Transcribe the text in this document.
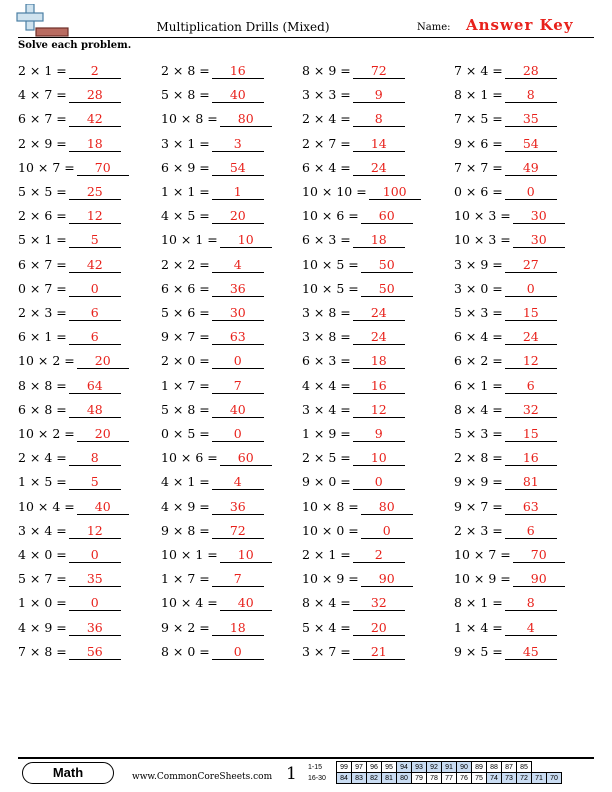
Multiplication Drills (Mixed)	Name: Answer Key
Solve each problem.
2 × 1 = 2	2 × 8 = 16	8 × 9 = 72	7 × 4 = 28
4 × 7 = 28	5 × 8 = 40	3 × 3 = 9	8 × 1 = 8
6 × 7 = 42	10 × 8 = 80	2 × 4 = 8	7 × 5 = 35
2 × 9 = 18	3 × 1 = 3	2 × 7 = 14	9 × 6 = 54
10 × 7 = 70	6 × 9 = 54	6 × 4 = 24	7 × 7 = 49
5 × 5 = 25	1 × 1 = 1	10 × 10 = 100	0 × 6 = 0
2 × 6 = 12	4 × 5 = 20	10 × 6 = 60	10 × 3 = 30
5 × 1 = 5	10 × 1 = 10	6 × 3 = 18	10 × 3 = 30
6 × 7 = 42	2 × 2 = 4	10 × 5 = 50	3 × 9 = 27
0 × 7 = 0	6 × 6 = 36	10 × 5 = 50	3 × 0 = 0
2 × 3 = 6	5 × 6 = 30	3 × 8 = 24	5 × 3 = 15
6 × 1 = 6	9 × 7 = 63	3 × 8 = 24	6 × 4 = 24
10 × 2 = 20	2 × 0 = 0	6 × 3 = 18	6 × 2 = 12
8 × 8 = 64	1 × 7 = 7	4 × 4 = 16	6 × 1 = 6
6 × 8 = 48	5 × 8 = 40	3 × 4 = 12	8 × 4 = 32
10 × 2 = 20	0 × 5 = 0	1 × 9 = 9	5 × 3 = 15
2 × 4 = 8	10 × 6 = 60	2 × 5 = 10	2 × 8 = 16
1 × 5 = 5	4 × 1 = 4	9 × 0 = 0	9 × 9 = 81
10 × 4 = 40	4 × 9 = 36	10 × 8 = 80	9 × 7 = 63
3 × 4 = 12	9 × 8 = 72	10 × 0 = 0	2 × 3 = 6
4 × 0 = 0	10 × 1 = 10	2 × 1 = 2	10 × 7 = 70
5 × 7 = 35	1 × 7 = 7	10 × 9 = 90	10 × 9 = 90
1 × 0 = 0	10 × 4 = 40	8 × 4 = 32	8 × 1 = 8
4 × 9 = 36	9 × 2 = 18	5 × 4 = 20	1 × 4 = 4
7 × 8 = 56	8 × 0 = 0	3 × 7 = 21	9 × 5 = 45
Math	www.CommonCoreSheets.com 1 1-15	99	97	96	95	94	93	92	91	90	89	88	87	85		
16-30	84	83	82	81	80	79	78	77	76	75	74	73	72	71	70
